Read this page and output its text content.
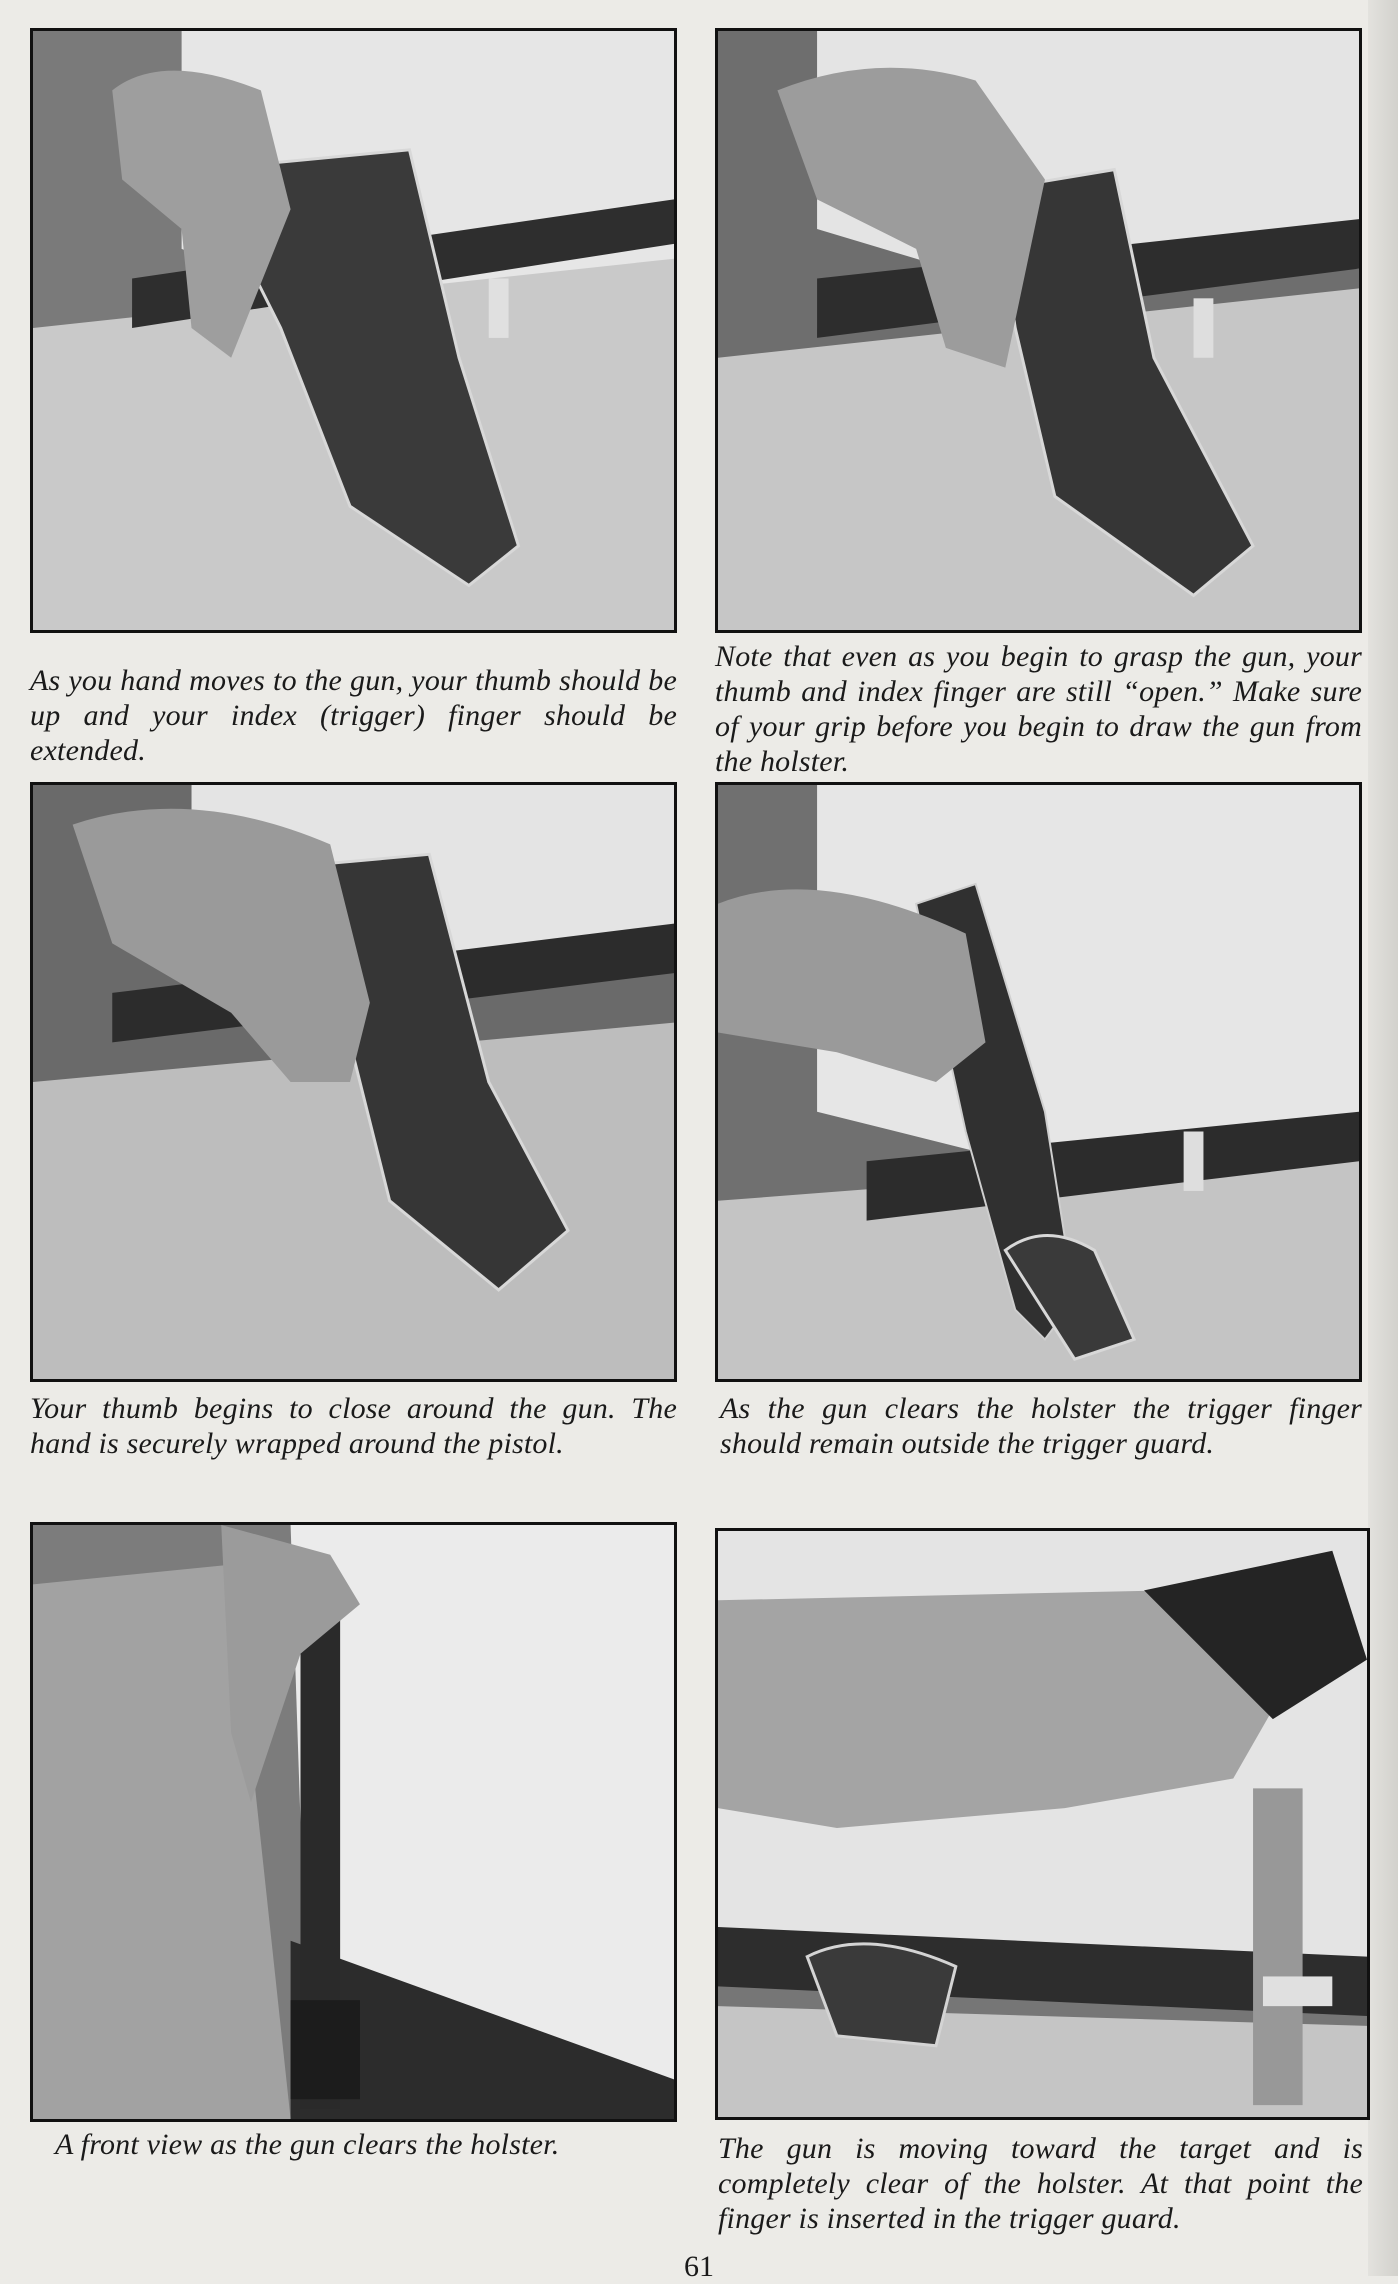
As you hand moves to the gun, your thumb should be up and your index (trigger) finger should be extended.
Note that even as you begin to grasp the gun, your thumb and index finger are still “open.” Make sure of your grip before you begin to draw the gun from the holster.
Your thumb begins to close around the gun. The hand is securely wrapped around the pistol.
As the gun clears the holster the trigger finger should remain outside the trigger guard.
A front view as the gun clears the holster.	The gun is moving toward the target and is completely clear of the holster. At that point the finger is inserted in the trigger guard.
61
